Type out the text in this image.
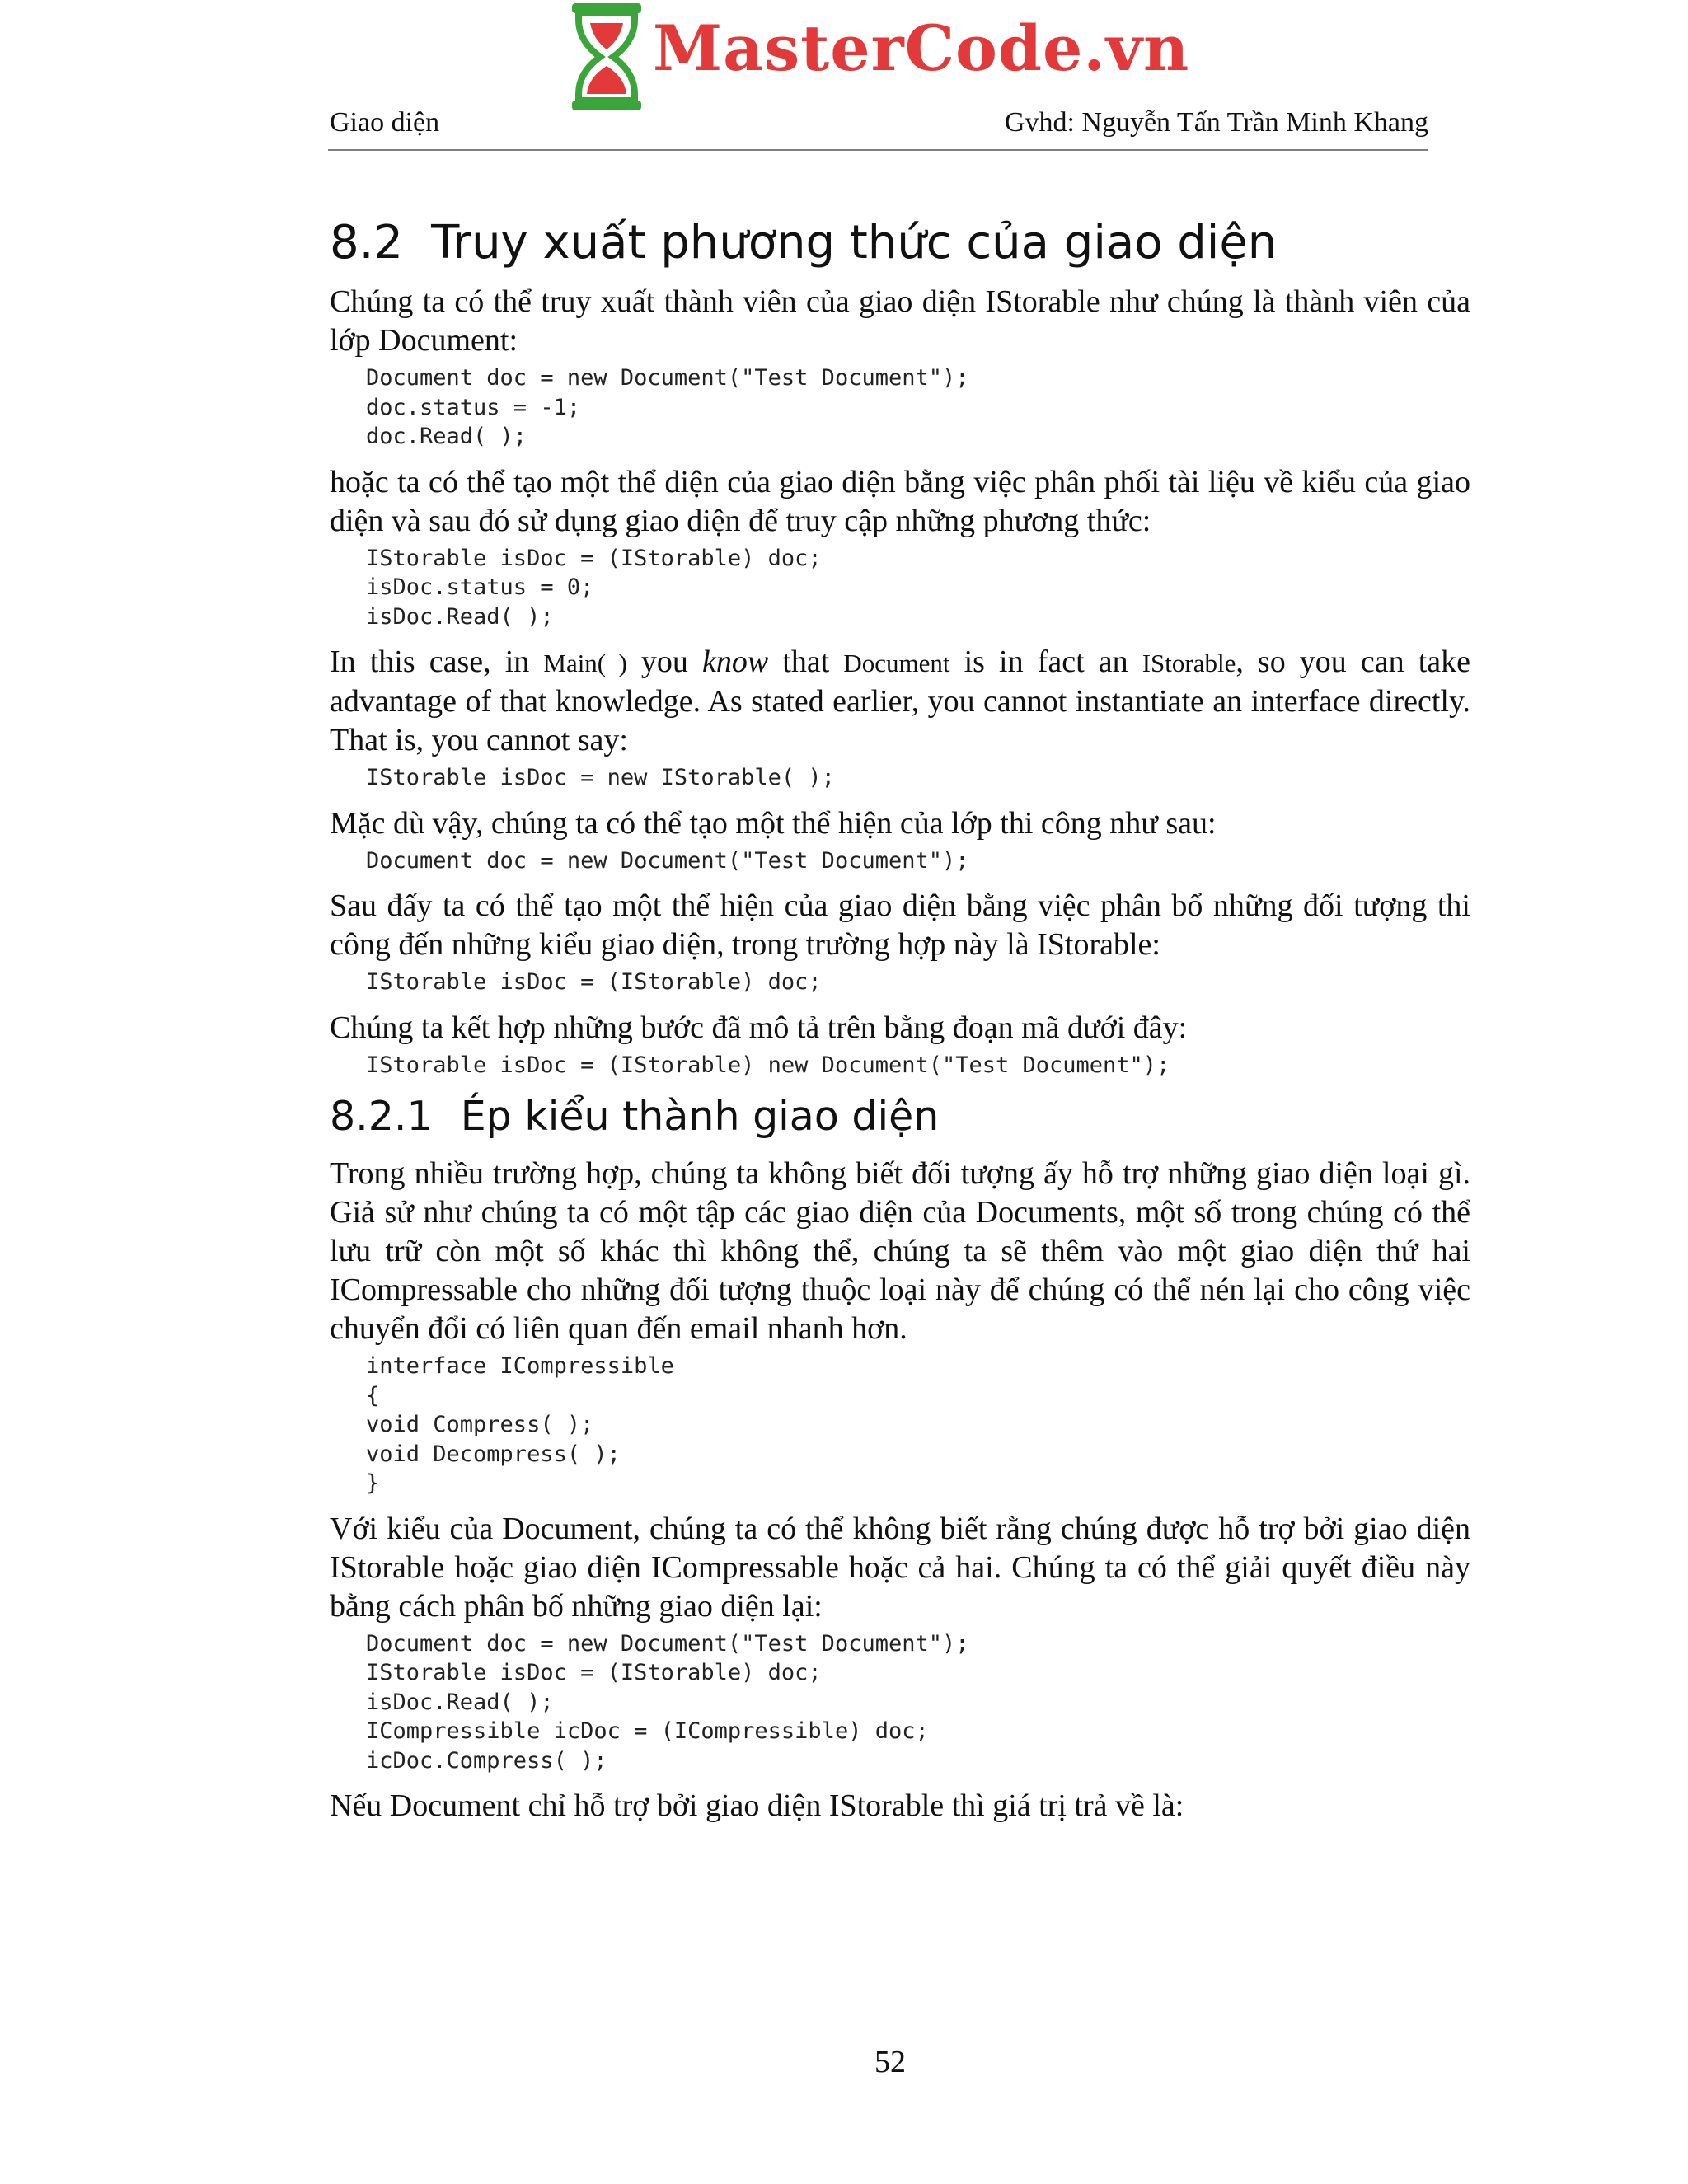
MasterCode.vn
Giao diện	Gvhd: Nguyễn Tấn Trần Minh Khang
8.2 Truy xuất phương thức của giao diện

Chúng ta có thể truy xuất thành viên của giao diện IStorable như chúng là thành viên của lớp Document:

Document doc = new Document("Test Document");
doc.status = -1;
doc.Read( );

hoặc ta có thể tạo một thể diện của giao diện bằng việc phân phối tài liệu về kiểu của giao diện và sau đó sử dụng giao diện để truy cập những phương thức:

IStorable isDoc = (IStorable) doc;
isDoc.status = 0;
isDoc.Read( );

In this case, in Main( ) you know that Document is in fact an IStorable, so you can take advantage of that knowledge. As stated earlier, you cannot instantiate an interface directly. That is, you cannot say:

IStorable isDoc = new IStorable( );

Mặc dù vậy, chúng ta có thể tạo một thể hiện của lớp thi công như sau:

Document doc = new Document("Test Document");

Sau đấy ta có thể tạo một thể hiện của giao diện bằng việc phân bổ những đối tượng thi công đến những kiểu giao diện, trong trường hợp này là IStorable:

IStorable isDoc = (IStorable) doc;

Chúng ta kết hợp những bước đã mô tả trên bằng đoạn mã dưới đây:

IStorable isDoc = (IStorable) new Document("Test Document");
8.2.1 Ép kiểu thành giao diện

Trong nhiều trường hợp, chúng ta không biết đối tượng ấy hỗ trợ những giao diện loại gì. Giả sử như chúng ta có một tập các giao diện của Documents, một số trong chúng có thể lưu trữ còn một số khác thì không thể, chúng ta sẽ thêm vào một giao diện thứ hai ICompressable cho những đối tượng thuộc loại này để chúng có thể nén lại cho công việc chuyển đổi có liên quan đến email nhanh hơn.

interface ICompressible
{
void Compress( );
void Decompress( );
}

Với kiểu của Document, chúng ta có thể không biết rằng chúng được hỗ trợ bởi giao diện IStorable hoặc giao diện ICompressable hoặc cả hai. Chúng ta có thể giải quyết điều này bằng cách phân bố những giao diện lại:

Document doc = new Document("Test Document");
IStorable isDoc = (IStorable) doc;
isDoc.Read( );
ICompressible icDoc = (ICompressible) doc;
icDoc.Compress( );

Nếu Document chỉ hỗ trợ bởi giao diện IStorable thì giá trị trả về là:

52
